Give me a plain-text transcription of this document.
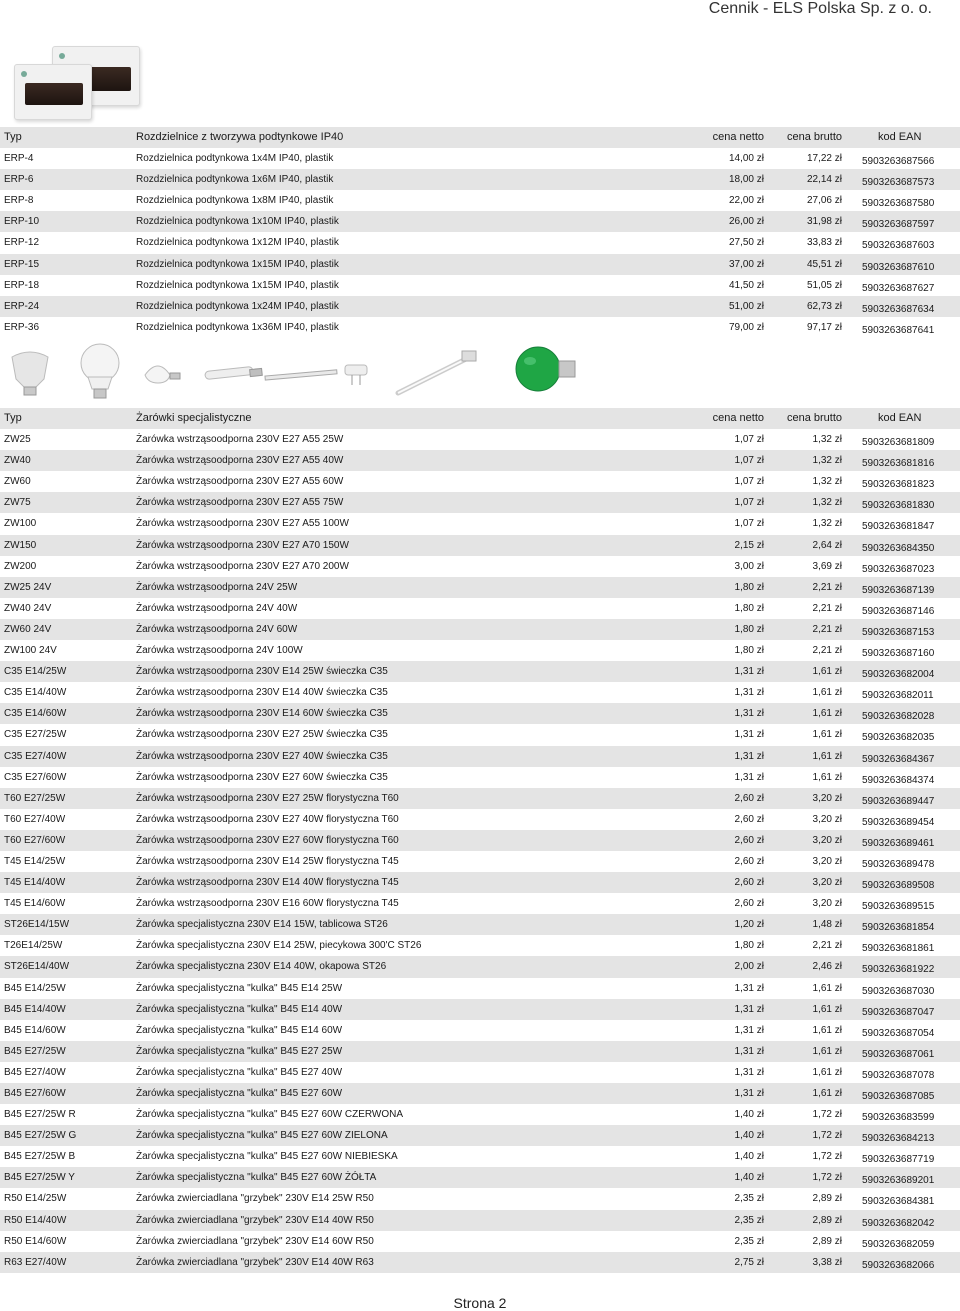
Cennik - ELS Polska Sp. z o. o.
Typ	Rozdzielnice z tworzywa podtynkowe IP40	cena netto cena brutto	kod EAN
ERP-4	Rozdzielnica podtynkowa 1x4M IP40, plastik	14,00 zł	17,22 zł 5903263687566
ERP-6	Rozdzielnica podtynkowa 1x6M IP40, plastik	18,00 zł	22,14 zł 5903263687573
ERP-8	Rozdzielnica podtynkowa 1x8M IP40, plastik	22,00 zł	27,06 zł 5903263687580
ERP-10	Rozdzielnica podtynkowa 1x10M IP40, plastik	26,00 zł	31,98 zł 5903263687597
ERP-12	Rozdzielnica podtynkowa 1x12M IP40, plastik	27,50 zł	33,83 zł 5903263687603
ERP-15	Rozdzielnica podtynkowa 1x15M IP40, plastik	37,00 zł	45,51 zł 5903263687610
ERP-18	Rozdzielnica podtynkowa 1x15M IP40, plastik	41,50 zł	51,05 zł 5903263687627
ERP-24	Rozdzielnica podtynkowa 1x24M IP40, plastik	51,00 zł	62,73 zł 5903263687634
ERP-36	Rozdzielnica podtynkowa 1x36M IP40, plastik	79,00 zł	97,17 zł 5903263687641
Typ	Żarówki specjalistyczne	cena netto cena brutto	kod EAN
ZW25	Żarówka wstrząsoodporna 230V E27 A55 25W	1,07 zł	1,32 zł 5903263681809
ZW40	Żarówka wstrząsoodporna 230V E27 A55 40W	1,07 zł	1,32 zł 5903263681816
ZW60	Żarówka wstrząsoodporna 230V E27 A55 60W	1,07 zł	1,32 zł 5903263681823
ZW75	Żarówka wstrząsoodporna 230V E27 A55 75W	1,07 zł	1,32 zł 5903263681830
ZW100	Żarówka wstrząsoodporna 230V E27 A55 100W	1,07 zł	1,32 zł 5903263681847
ZW150	Żarówka wstrząsoodporna 230V E27 A70 150W	2,15 zł	2,64 zł 5903263684350
ZW200	Żarówka wstrząsoodporna 230V E27 A70 200W	3,00 zł	3,69 zł 5903263687023
ZW25 24V	Żarówka wstrząsoodporna 24V 25W	1,80 zł	2,21 zł 5903263687139
ZW40 24V	Żarówka wstrząsoodporna 24V 40W	1,80 zł	2,21 zł 5903263687146
ZW60 24V	Żarówka wstrząsoodporna 24V 60W	1,80 zł	2,21 zł 5903263687153
ZW100 24V	Żarówka wstrząsoodporna 24V 100W	1,80 zł	2,21 zł 5903263687160
C35 E14/25W	Żarówka wstrząsoodporna 230V E14 25W świeczka C35	1,31 zł	1,61 zł 5903263682004
C35 E14/40W	Żarówka wstrząsoodporna 230V E14 40W świeczka C35	1,31 zł	1,61 zł 5903263682011
C35 E14/60W	Żarówka wstrząsoodporna 230V E14 60W świeczka C35	1,31 zł	1,61 zł 5903263682028
C35 E27/25W	Żarówka wstrząsoodporna 230V E27 25W świeczka C35	1,31 zł	1,61 zł 5903263682035
C35 E27/40W	Żarówka wstrząsoodporna 230V E27 40W świeczka C35	1,31 zł	1,61 zł 5903263684367
C35 E27/60W	Żarówka wstrząsoodporna 230V E27 60W świeczka C35	1,31 zł	1,61 zł 5903263684374
T60 E27/25W	Żarówka wstrząsoodporna 230V E27 25W florystyczna T60	2,60 zł	3,20 zł 5903263689447
T60 E27/40W	Żarówka wstrząsoodporna 230V E27 40W florystyczna T60	2,60 zł	3,20 zł 5903263689454
T60 E27/60W	Żarówka wstrząsoodporna 230V E27 60W florystyczna T60	2,60 zł	3,20 zł 5903263689461
T45 E14/25W	Żarówka wstrząsoodporna 230V E14 25W florystyczna T45	2,60 zł	3,20 zł 5903263689478
T45 E14/40W	Żarówka wstrząsoodporna 230V E14 40W florystyczna T45	2,60 zł	3,20 zł 5903263689508
T45 E14/60W	Żarówka wstrząsoodporna 230V E16 60W florystyczna T45	2,60 zł	3,20 zł 5903263689515
ST26E14/15W	Żarówka specjalistyczna 230V E14 15W, tablicowa ST26	1,20 zł	1,48 zł 5903263681854
T26E14/25W	Żarówka specjalistyczna 230V E14 25W, piecykowa 300'C ST26	1,80 zł	2,21 zł 5903263681861
ST26E14/40W	Żarówka specjalistyczna 230V E14 40W, okapowa ST26	2,00 zł	2,46 zł 5903263681922
B45 E14/25W	Żarówka specjalistyczna "kulka" B45 E14 25W	1,31 zł	1,61 zł 5903263687030
B45 E14/40W	Żarówka specjalistyczna "kulka" B45 E14 40W	1,31 zł	1,61 zł 5903263687047
B45 E14/60W	Żarówka specjalistyczna "kulka" B45 E14 60W	1,31 zł	1,61 zł 5903263687054
B45 E27/25W	Żarówka specjalistyczna "kulka" B45 E27 25W	1,31 zł	1,61 zł 5903263687061
B45 E27/40W	Żarówka specjalistyczna "kulka" B45 E27 40W	1,31 zł	1,61 zł 5903263687078
B45 E27/60W	Żarówka specjalistyczna "kulka" B45 E27 60W	1,31 zł	1,61 zł 5903263687085
B45 E27/25W R	Żarówka specjalistyczna "kulka" B45 E27 60W CZERWONA	1,40 zł	1,72 zł 5903263683599
B45 E27/25W G	Żarówka specjalistyczna "kulka" B45 E27 60W ZIELONA	1,40 zł	1,72 zł 5903263684213
B45 E27/25W B	Żarówka specjalistyczna "kulka" B45 E27 60W NIEBIESKA	1,40 zł	1,72 zł 5903263687719
B45 E27/25W Y	Żarówka specjalistyczna "kulka" B45 E27 60W ŻÓŁTA	1,40 zł	1,72 zł 5903263689201
R50 E14/25W	Żarówka zwierciadlana "grzybek" 230V E14 25W R50	2,35 zł	2,89 zł 5903263684381
R50 E14/40W	Żarówka zwierciadlana "grzybek" 230V E14 40W R50	2,35 zł	2,89 zł 5903263682042
R50 E14/60W	Żarówka zwierciadlana "grzybek" 230V E14 60W R50	2,35 zł	2,89 zł 5903263682059
R63 E27/40W	Żarówka zwierciadlana "grzybek" 230V E14 40W R63	2,75 zł	3,38 zł 5903263682066
Strona 2
